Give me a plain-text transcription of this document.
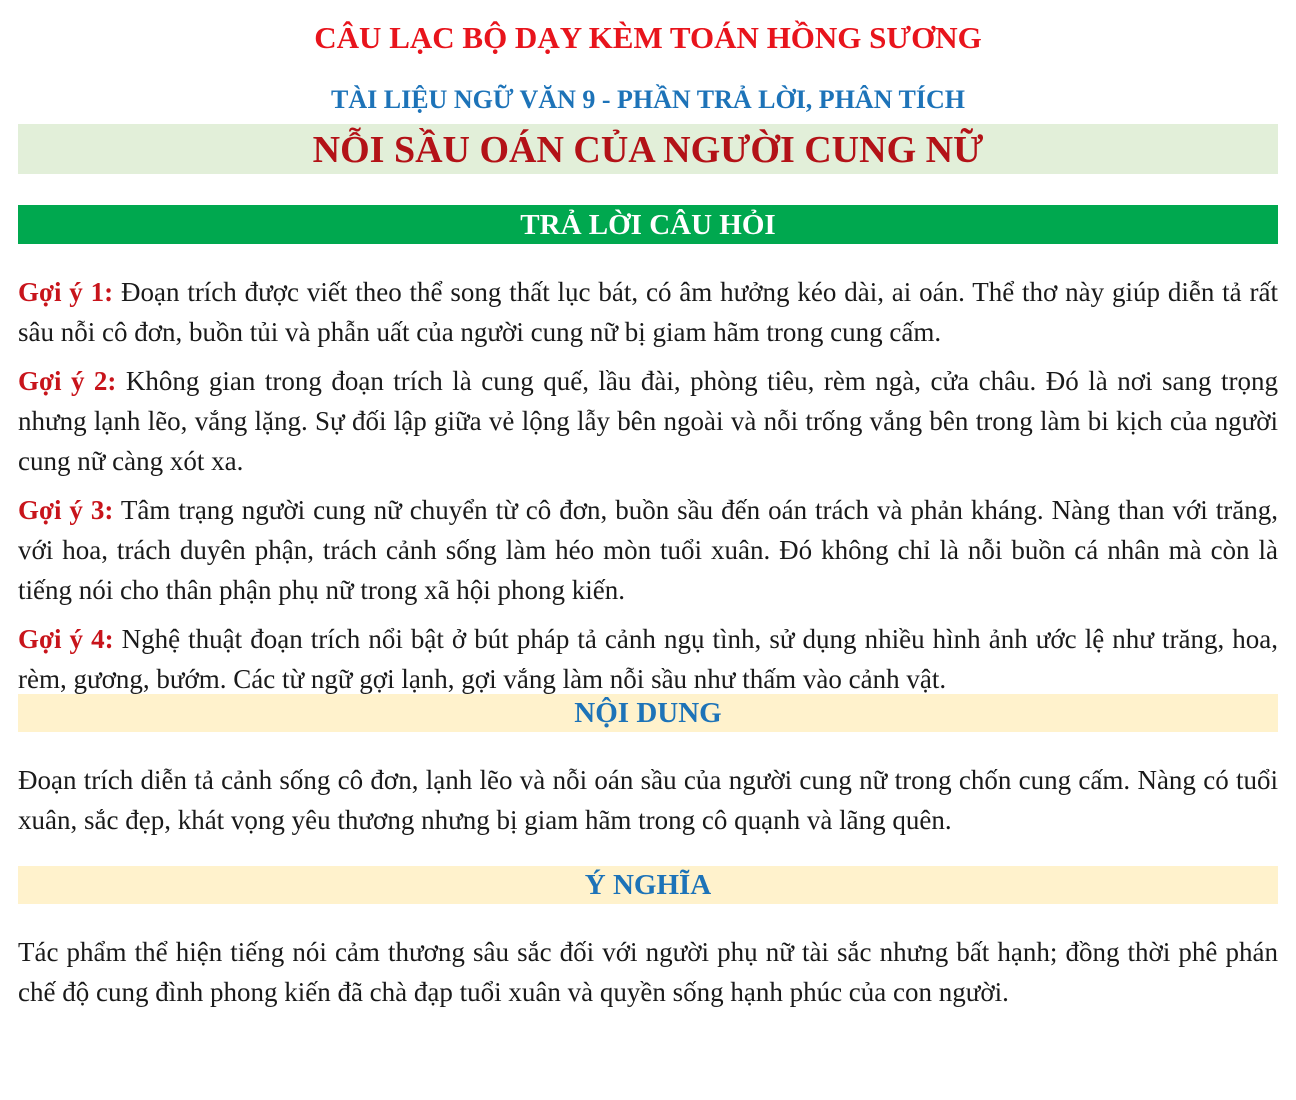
CÂU LẠC BỘ DẠY KÈM TOÁN HỒNG SƯƠNG
TÀI LIỆU NGỮ VĂN 9 - PHẦN TRẢ LỜI, PHÂN TÍCH
NỖI SẦU OÁN CỦA NGƯỜI CUNG NỮ
TRẢ LỜI CÂU HỎI

Gợi ý 1: Đoạn trích được viết theo thể song thất lục bát, có âm hưởng kéo dài, ai oán. Thể thơ này giúp diễn tả rất sâu nỗi cô đơn, buồn tủi và phẫn uất của người cung nữ bị giam hãm trong cung cấm.

Gợi ý 2: Không gian trong đoạn trích là cung quế, lầu đài, phòng tiêu, rèm ngà, cửa châu. Đó là nơi sang trọng nhưng lạnh lẽo, vắng lặng. Sự đối lập giữa vẻ lộng lẫy bên ngoài và nỗi trống vắng bên trong làm bi kịch của người cung nữ càng xót xa.

Gợi ý 3: Tâm trạng người cung nữ chuyển từ cô đơn, buồn sầu đến oán trách và phản kháng. Nàng than với trăng, với hoa, trách duyên phận, trách cảnh sống làm héo mòn tuổi xuân. Đó không chỉ là nỗi buồn cá nhân mà còn là tiếng nói cho thân phận phụ nữ trong xã hội phong kiến.

Gợi ý 4: Nghệ thuật đoạn trích nổi bật ở bút pháp tả cảnh ngụ tình, sử dụng nhiều hình ảnh ước lệ như trăng, hoa, rèm, gương, bướm. Các từ ngữ gợi lạnh, gợi vắng làm nỗi sầu như thấm vào cảnh vật.

NỘI DUNG

Đoạn trích diễn tả cảnh sống cô đơn, lạnh lẽo và nỗi oán sầu của người cung nữ trong chốn cung cấm. Nàng có tuổi xuân, sắc đẹp, khát vọng yêu thương nhưng bị giam hãm trong cô quạnh và lãng quên.

Ý NGHĨA

Tác phẩm thể hiện tiếng nói cảm thương sâu sắc đối với người phụ nữ tài sắc nhưng bất hạnh; đồng thời phê phán chế độ cung đình phong kiến đã chà đạp tuổi xuân và quyền sống hạnh phúc của con người.
